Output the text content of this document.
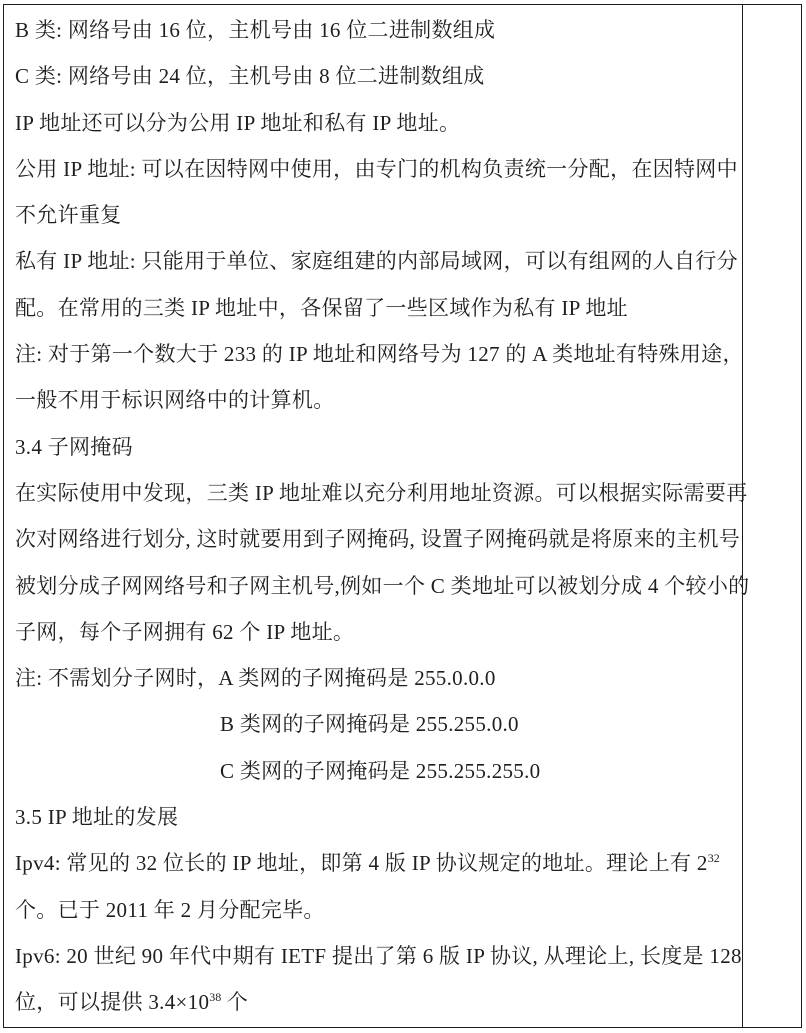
B 类: 网络号由 16 位，主机号由 16 位二进制数组成
C 类: 网络号由 24 位，主机号由 8 位二进制数组成
IP 地址还可以分为公用 IP 地址和私有 IP 地址。
公用 IP 地址: 可以在因特网中使用，由专门的机构负责统一分配，在因特网中
不允许重复
私有 IP 地址: 只能用于单位、家庭组建的内部局域网，可以有组网的人自行分
配。在常用的三类 IP 地址中，各保留了一些区域作为私有 IP 地址
注: 对于第一个数大于 233 的 IP 地址和网络号为 127 的 A 类地址有特殊用途，
一般不用于标识网络中的计算机。
3.4 子网掩码
在实际使用中发现，三类 IP 地址难以充分利用地址资源。可以根据实际需要再
次对网络进行划分, 这时就要用到子网掩码, 设置子网掩码就是将原来的主机号
被划分成子网网络号和子网主机号,例如一个 C 类地址可以被划分成 4 个较小的
子网，每个子网拥有 62 个 IP 地址。
注: 不需划分子网时，A 类网的子网掩码是 255.0.0.0
B 类网的子网掩码是 255.255.0.0
C 类网的子网掩码是 255.255.255.0
3.5 IP 地址的发展
Ipv4: 常见的 32 位长的 IP 地址，即第 4 版 IP 协议规定的地址。理论上有 $2^{32}$
个。已于 2011 年 2 月分配完毕。
Ipv6: 20 世纪 90 年代中期有 IETF 提出了第 6 版 IP 协议, 从理论上, 长度是 128
位，可以提供 $3.4\times 10^{38}$ 个
